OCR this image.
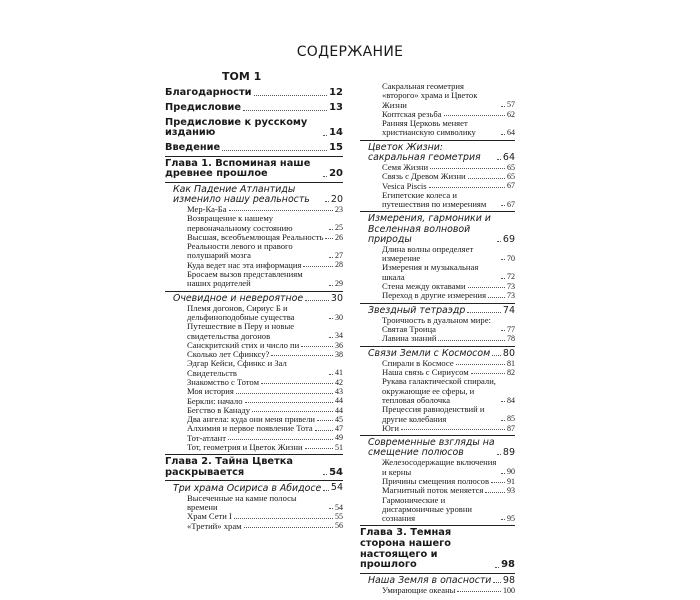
СОДЕРЖАНИЕ
ТОМ 1
Благодарности	12
Предисловие	13
Предисловие к русскому изданию	14
Введение	15
Глава 1. Вспоминая наше древнее прошлое	20
Как Падение Атлантиды изменило нашу реальность	20
Мер-Ка-Ба	23
Возвращение к нашему первоначальному состоянию	25
Высшая, всеобъемлющая Реальность 26
Реальности левого и правого полушарий мозга	27
Куда ведет нас эта информация	28
Бросаем вызов представлениям наших родителей	29
Очевидное и невероятное	30
Племя догонов, Сириус Б и дельфиноподобные существа	30
Путешествие в Перу и новые свидетельства догонов	34
Санскритский стих и число пи	36
Сколько лет Сфинксу?	38
Эдгар Кейси, Сфинкс и Зал Свидетельств	41
Знакомство с Тотом	42
Моя история	43
Беркли: начало	44
Бегство в Канаду	44
Два ангела: куда они меня привели	45
Алхимия и первое появление Тота	47
Тот-атлант	49
Тот, геометрия и Цветок Жизни	51
Глава 2. Тайна Цветка раскрывается	54
Три храма Осириса в Абидосе 54
Высеченные на камне полосы времени	54
Храм Сети I	55
«Третий» храм	56
Сакральная геометрия «второго» храма и Цветок Жизни	57
Коптская резьба	62
Ранняя Церковь меняет христианскую символику	64
Цветок Жизни: сакральная геометрия	64
Семя Жизни	65
Связь с Древом Жизни	65
Vesica Piscis	67
Египетские колеса и путешествия по измерениям	67
Измерения, гармоники и Вселенная волновой природы	69
Длина волны определяет измерение	70
Измерения и музыкальная шкала	72
Стена между октавами	73
Переход в другие измерения	73
Звездный тетраэдр	74
Троичность в дуальном мире: Святая Троица	77
Лавина знаний	78
Связи Земли с Космосом 80
Спирали в Космосе	81
Наша связь с Сириусом	82
Рукава галактической спирали, окружающие ее сферы, и тепловая оболочка	84
Прецессия равноденствий и другие колебания	85
Юги	87
Современные взгляды на смещение полюсов	89
Железосодержащие включения и керны	90
Причины смещения полюсов 91
Магнитный поток меняется	93
Гармонические и дисгармоничные уровни сознания	95
Глава 3. Темная сторона нашего настоящего и прошлого	98
Наша Земля в опасности 98
Умирающие океаны	100
